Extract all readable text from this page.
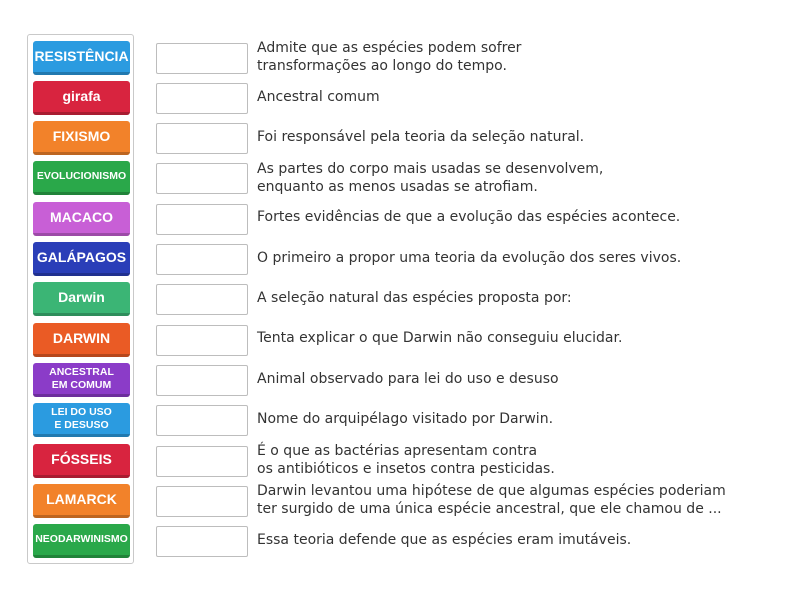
RESISTÊNCIA
girafa
FIXISMO
EVOLUCIONISMO
MACACO
GALÁPAGOS
Darwin
DARWIN
ANCESTRAL
EM COMUM
LEI DO USO
E DESUSO
FÓSSEIS
LAMARCK
NEODARWINISMO
Admite que as espécies podem sofrer
transformações ao longo do tempo.
Ancestral comum
Foi responsável pela teoria da seleção natural.
As partes do corpo mais usadas se desenvolvem,
enquanto as menos usadas se atrofiam.
Fortes evidências de que a evolução das espécies acontece.
O primeiro a propor uma teoria da evolução dos seres vivos.
A seleção natural das espécies proposta por:
Tenta explicar o que Darwin não conseguiu elucidar.
Animal observado para lei do uso e desuso
Nome do arquipélago visitado por Darwin.
É o que as bactérias apresentam contra
os antibióticos e insetos contra pesticidas.
Darwin levantou uma hipótese de que algumas espécies poderiam
ter surgido de uma única espécie ancestral, que ele chamou de ...
Essa teoria defende que as espécies eram imutáveis.
